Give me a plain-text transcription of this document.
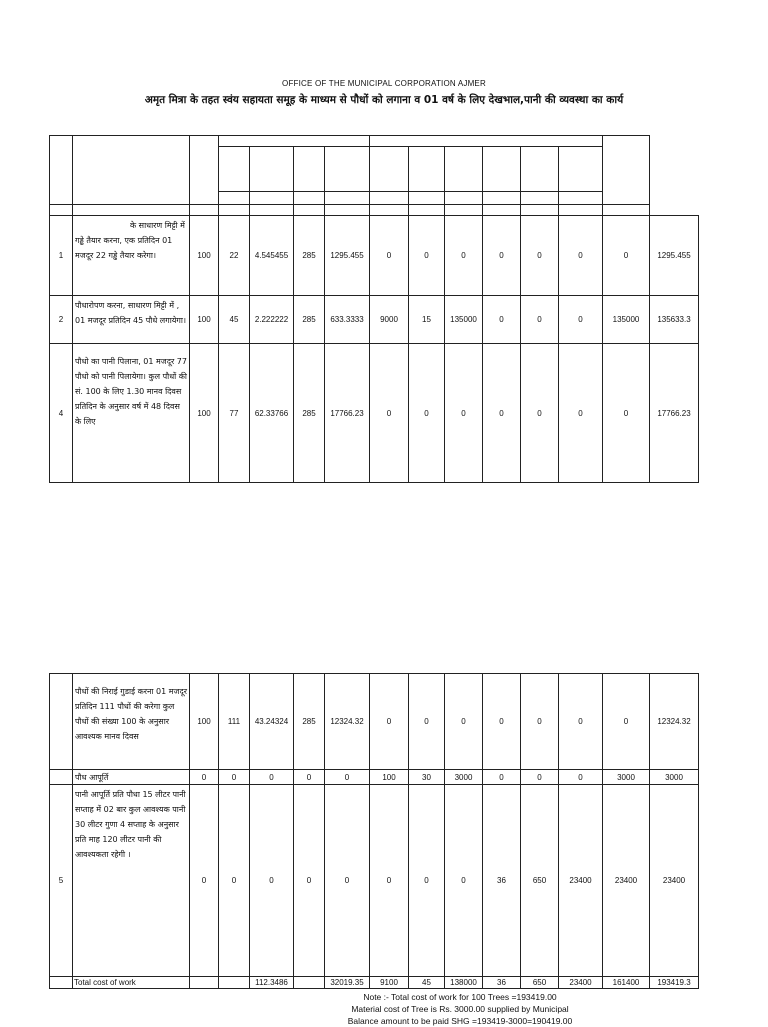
OFFICE OF THE MUNICIPAL CORPORATION AJMER
अमृत मित्रा के तहत स्वंय सहायता समूह के माध्यम से पौधों को लगाना व 01 वर्ष के लिए देखभाल,पानी की व्यवस्था का कार्य

1	के साधारण मिट्टी में गड्ढे तैयार करना, एक प्रतिदिन 01 मजदूर 22 गड्ढे तैयार करेगा।	100	22	4.545455	285	1295.455	0	0	0	0	0	0	0	1295.455
2	पौधारोपण करना, साधारण मिट्टी में , 01 मजदूर प्रतिदिन 45 पौधे लगायेगा।	100	45	2.222222	285	633.3333	9000	15	135000	0	0	0	135000	135633.3
4	पौधो का पानी पिलाना, 01 मजदूर 77 पौधो को पानी पिलायेगा। कुल पौधों की सं. 100 के लिए 1.30 मानव दिवस प्रतिदिन के अनुसार वर्ष में 48 दिवस के लिए	100	77	62.33766	285	17766.23	0	0	0	0	0	0	0	17766.23
	पौधों की निराई गुडाई करना 01 मजदूर प्रतिदिन 111 पौधों की करेगा कुल पौधों की संख्या 100 के अनुसार आवश्यक मानव दिवस	100	111	43.24324	285	12324.32	0	0	0	0	0	0	0	12324.32
	पौध आपूर्ति	0	0	0	0	0	100	30	3000	0	0	0	3000	3000
5	पानी आपूर्ति प्रति पौधा 15 लीटर पानी सप्ताह में 02 बार कुल आवश्यक पानी 30 लीटर गुणा 4 सप्ताह के अनुसार प्रति माह 120 लीटर पानी की आवश्यकता रहेगी ।	0	0	0	0	0	0	0	0	36	650	23400	23400	23400
	Total cost of work			112.3486		32019.35	9100	45	138000	36	650	23400	161400	193419.3
Note :- Total cost of work for 100 Trees =193419.00
Material cost of Tree is Rs. 3000.00 supplied by Municipal
Balance amount to be paid SHG =193419-3000=190419.00
